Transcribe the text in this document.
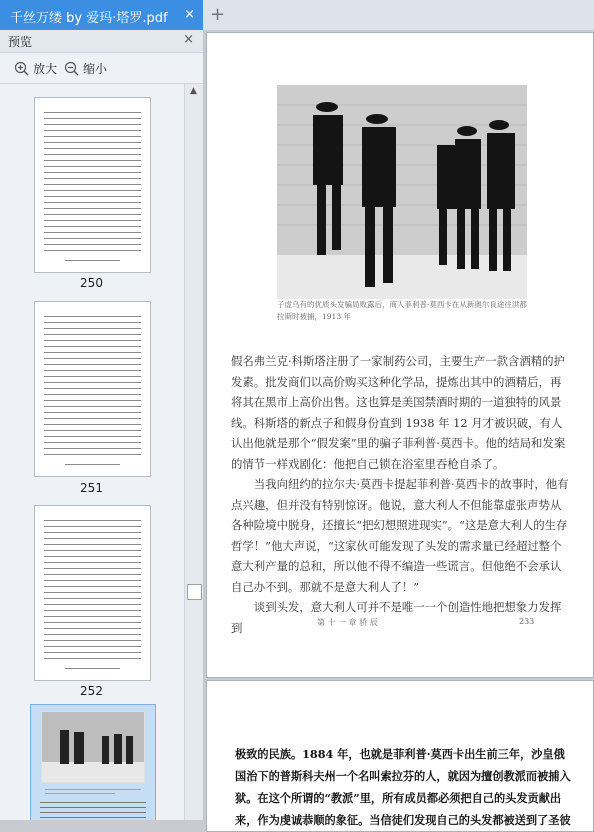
千丝万缕 by 爱玛·塔罗.pdf × +
预览	×
放大 缩小
250
251
252
▲
子虚乌有的优质头发骗局败露后，商人菲利普·莫西卡在从新奥尔良途往洪都
拉斯时被捕，1913 年

假名弗兰克·科斯塔注册了一家制药公司，主要生产一款含酒精的护发素。批发商们以高价购买这种化学品，提炼出其中的酒精后，再将其在黑市上高价出售。这也算是美国禁酒时期的一道独特的风景线。科斯塔的新点子和假身份直到 1938 年 12 月才被识破，有人认出他就是那个“假发案”里的骗子菲利普·莫西卡。他的结局和发案的情节一样戏剧化：他把自己锁在浴室里吞枪自杀了。

当我向纽约的拉尔夫·莫西卡提起菲利普·莫西卡的故事时，他有点兴趣，但并没有特别惊讶。他说，意大利人不但能靠虚张声势从各种险境中脱身，还擅长“把幻想照进现实”。“这是意大利人的生存哲学！”他大声说，“这家伙可能发现了头发的需求量已经超过整个意大利产量的总和，所以他不得不编造一些谎言。但他绝不会承认自己办不到。那就不是意大利人了！”

谈到头发，意大利人可并不是唯一一个创造性地把想象力发挥到	第 十 一 章 骄 辰	233
极致的民族。1884 年，也就是菲利普·莫西卡出生前三年，沙皇俄国治下的普斯科夫州一个名叫索拉芬的人，就因为擅创教派而被捕入狱。在这个所谓的“教派”里，所有成员都必须把自己的头发贡献出来，作为虔诚恭顺的象征。当信徒们发现自己的头发都被送到了圣彼
